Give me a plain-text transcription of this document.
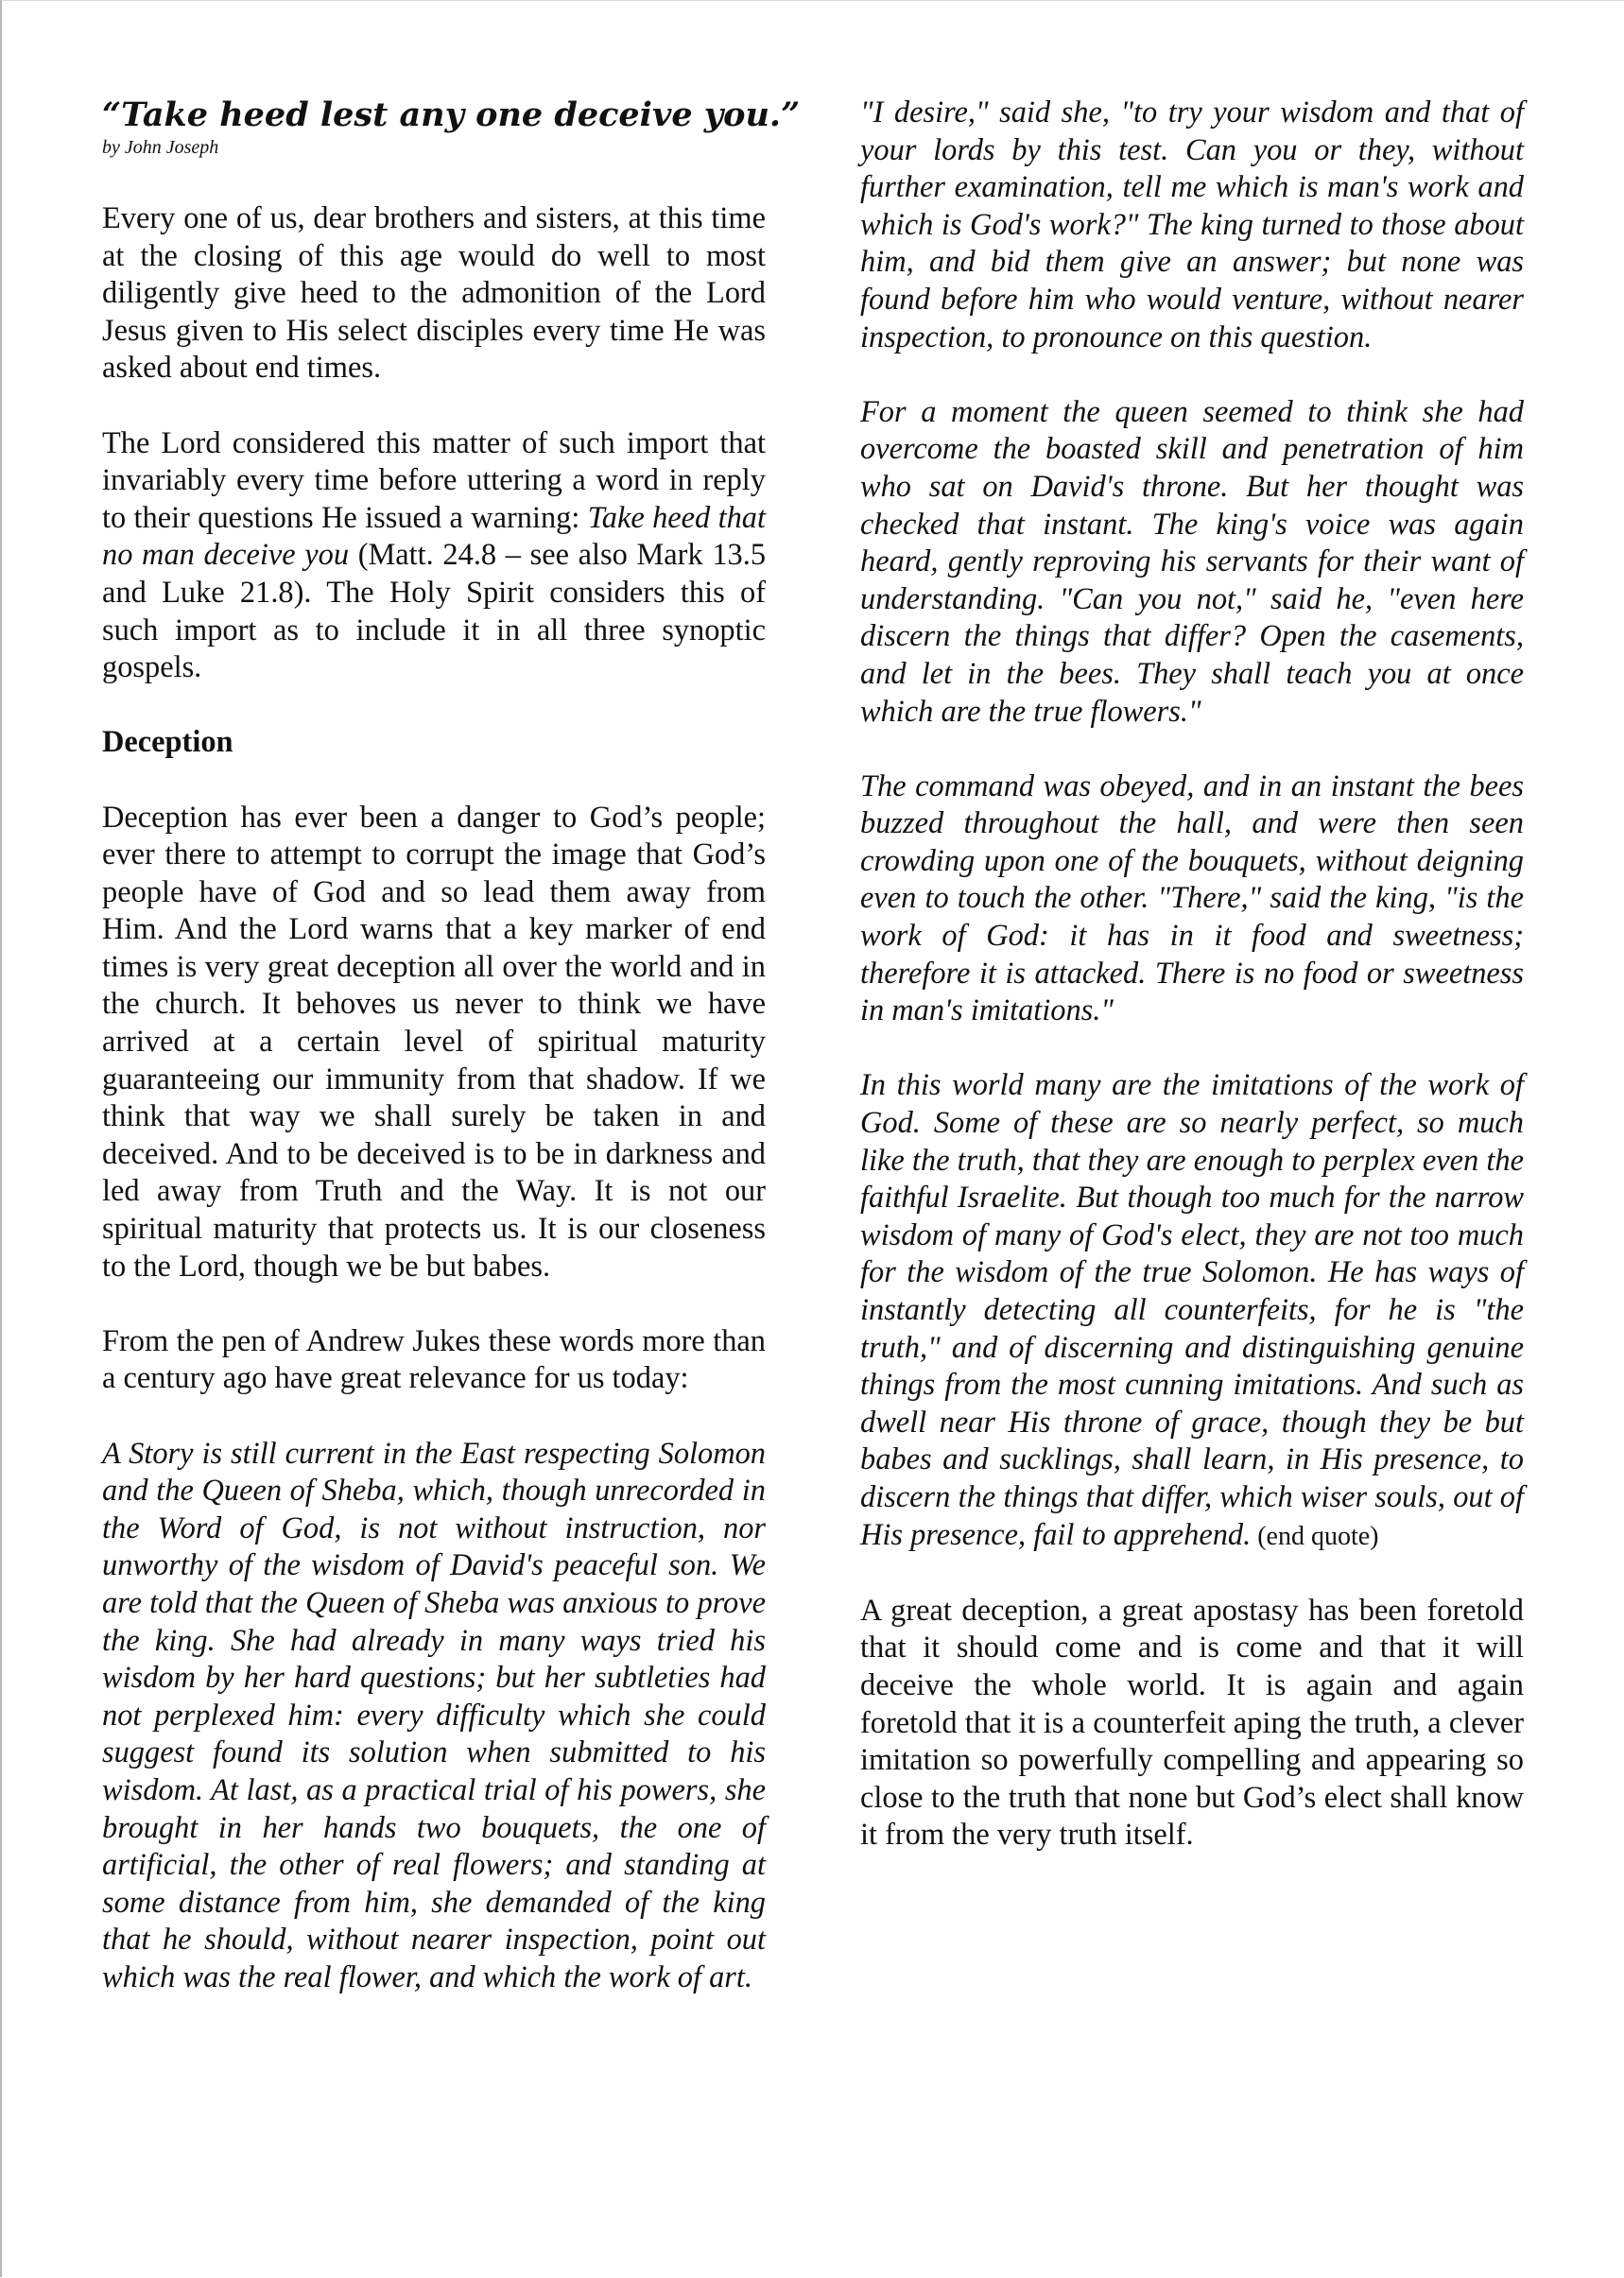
“Take heed lest any one deceive you.”
by John Joseph

Every one of us, dear brothers and sisters, at this time at the closing of this age would do well to most diligently give heed to the admonition of the Lord Jesus given to His select disciples every time He was asked about end times.

The Lord considered this matter of such import that invariably every time before uttering a word in reply to their questions He issued a warning: Take heed that no man deceive you (Matt. 24.8 – see also Mark 13.5 and Luke 21.8). The Holy Spirit considers this of such import as to include it in all three synoptic gospels.

Deception

Deception has ever been a danger to God’s people; ever there to attempt to corrupt the image that God’s people have of God and so lead them away from Him. And the Lord warns that a key marker of end times is very great deception all over the world and in the church. It behoves us never to think we have arrived at a certain level of spiritual maturity guaranteeing our immunity from that shadow. If we think that way we shall surely be taken in and deceived. And to be deceived is to be in darkness and led away from Truth and the Way. It is not our spiritual maturity that protects us. It is our closeness to the Lord, though we be but babes.

From the pen of Andrew Jukes these words more than a century ago have great relevance for us today:

A Story is still current in the East respecting Solomon and the Queen of Sheba, which, though unrecorded in the Word of God, is not without instruction, nor unworthy of the wisdom of David's peaceful son. We are told that the Queen of Sheba was anxious to prove the king. She had already in many ways tried his wisdom by her hard questions; but her subtleties had not perplexed him: every difficulty which she could suggest found its solution when submitted to his wisdom. At last, as a practical trial of his powers, she brought in her hands two bouquets, the one of artificial, the other of real flowers; and standing at some distance from him, she demanded of the king that he should, without nearer inspection, point out which was the real flower, and which the work of art.

"I desire," said she, "to try your wisdom and that of your lords by this test. Can you or they, without further examination, tell me which is man's work and which is God's work?" The king turned to those about him, and bid them give an answer; but none was found before him who would venture, without nearer inspection, to pronounce on this question.

For a moment the queen seemed to think she had overcome the boasted skill and penetration of him who sat on David's throne. But her thought was checked that instant. The king's voice was again heard, gently reproving his servants for their want of understanding. "Can you not," said he, "even here discern the things that differ? Open the casements, and let in the bees. They shall teach you at once which are the true flowers."

The command was obeyed, and in an instant the bees buzzed throughout the hall, and were then seen crowding upon one of the bouquets, without deigning even to touch the other. "There," said the king, "is the work of God: it has in it food and sweetness; therefore it is attacked. There is no food or sweetness in man's imitations."

In this world many are the imitations of the work of God. Some of these are so nearly perfect, so much like the truth, that they are enough to perplex even the faithful Israelite. But though too much for the narrow wisdom of many of God's elect, they are not too much for the wisdom of the true Solomon. He has ways of instantly detecting all counterfeits, for he is "the truth," and of discerning and distinguishing genuine things from the most cunning imitations. And such as dwell near His throne of grace, though they be but babes and sucklings, shall learn, in His presence, to discern the things that differ, which wiser souls, out of His presence, fail to apprehend. (end quote)

A great deception, a great apostasy has been foretold that it should come and is come and that it will deceive the whole world. It is again and again foretold that it is a counterfeit aping the truth, a clever imitation so powerfully compelling and appearing so close to the truth that none but God’s elect shall know it from the very truth itself.
